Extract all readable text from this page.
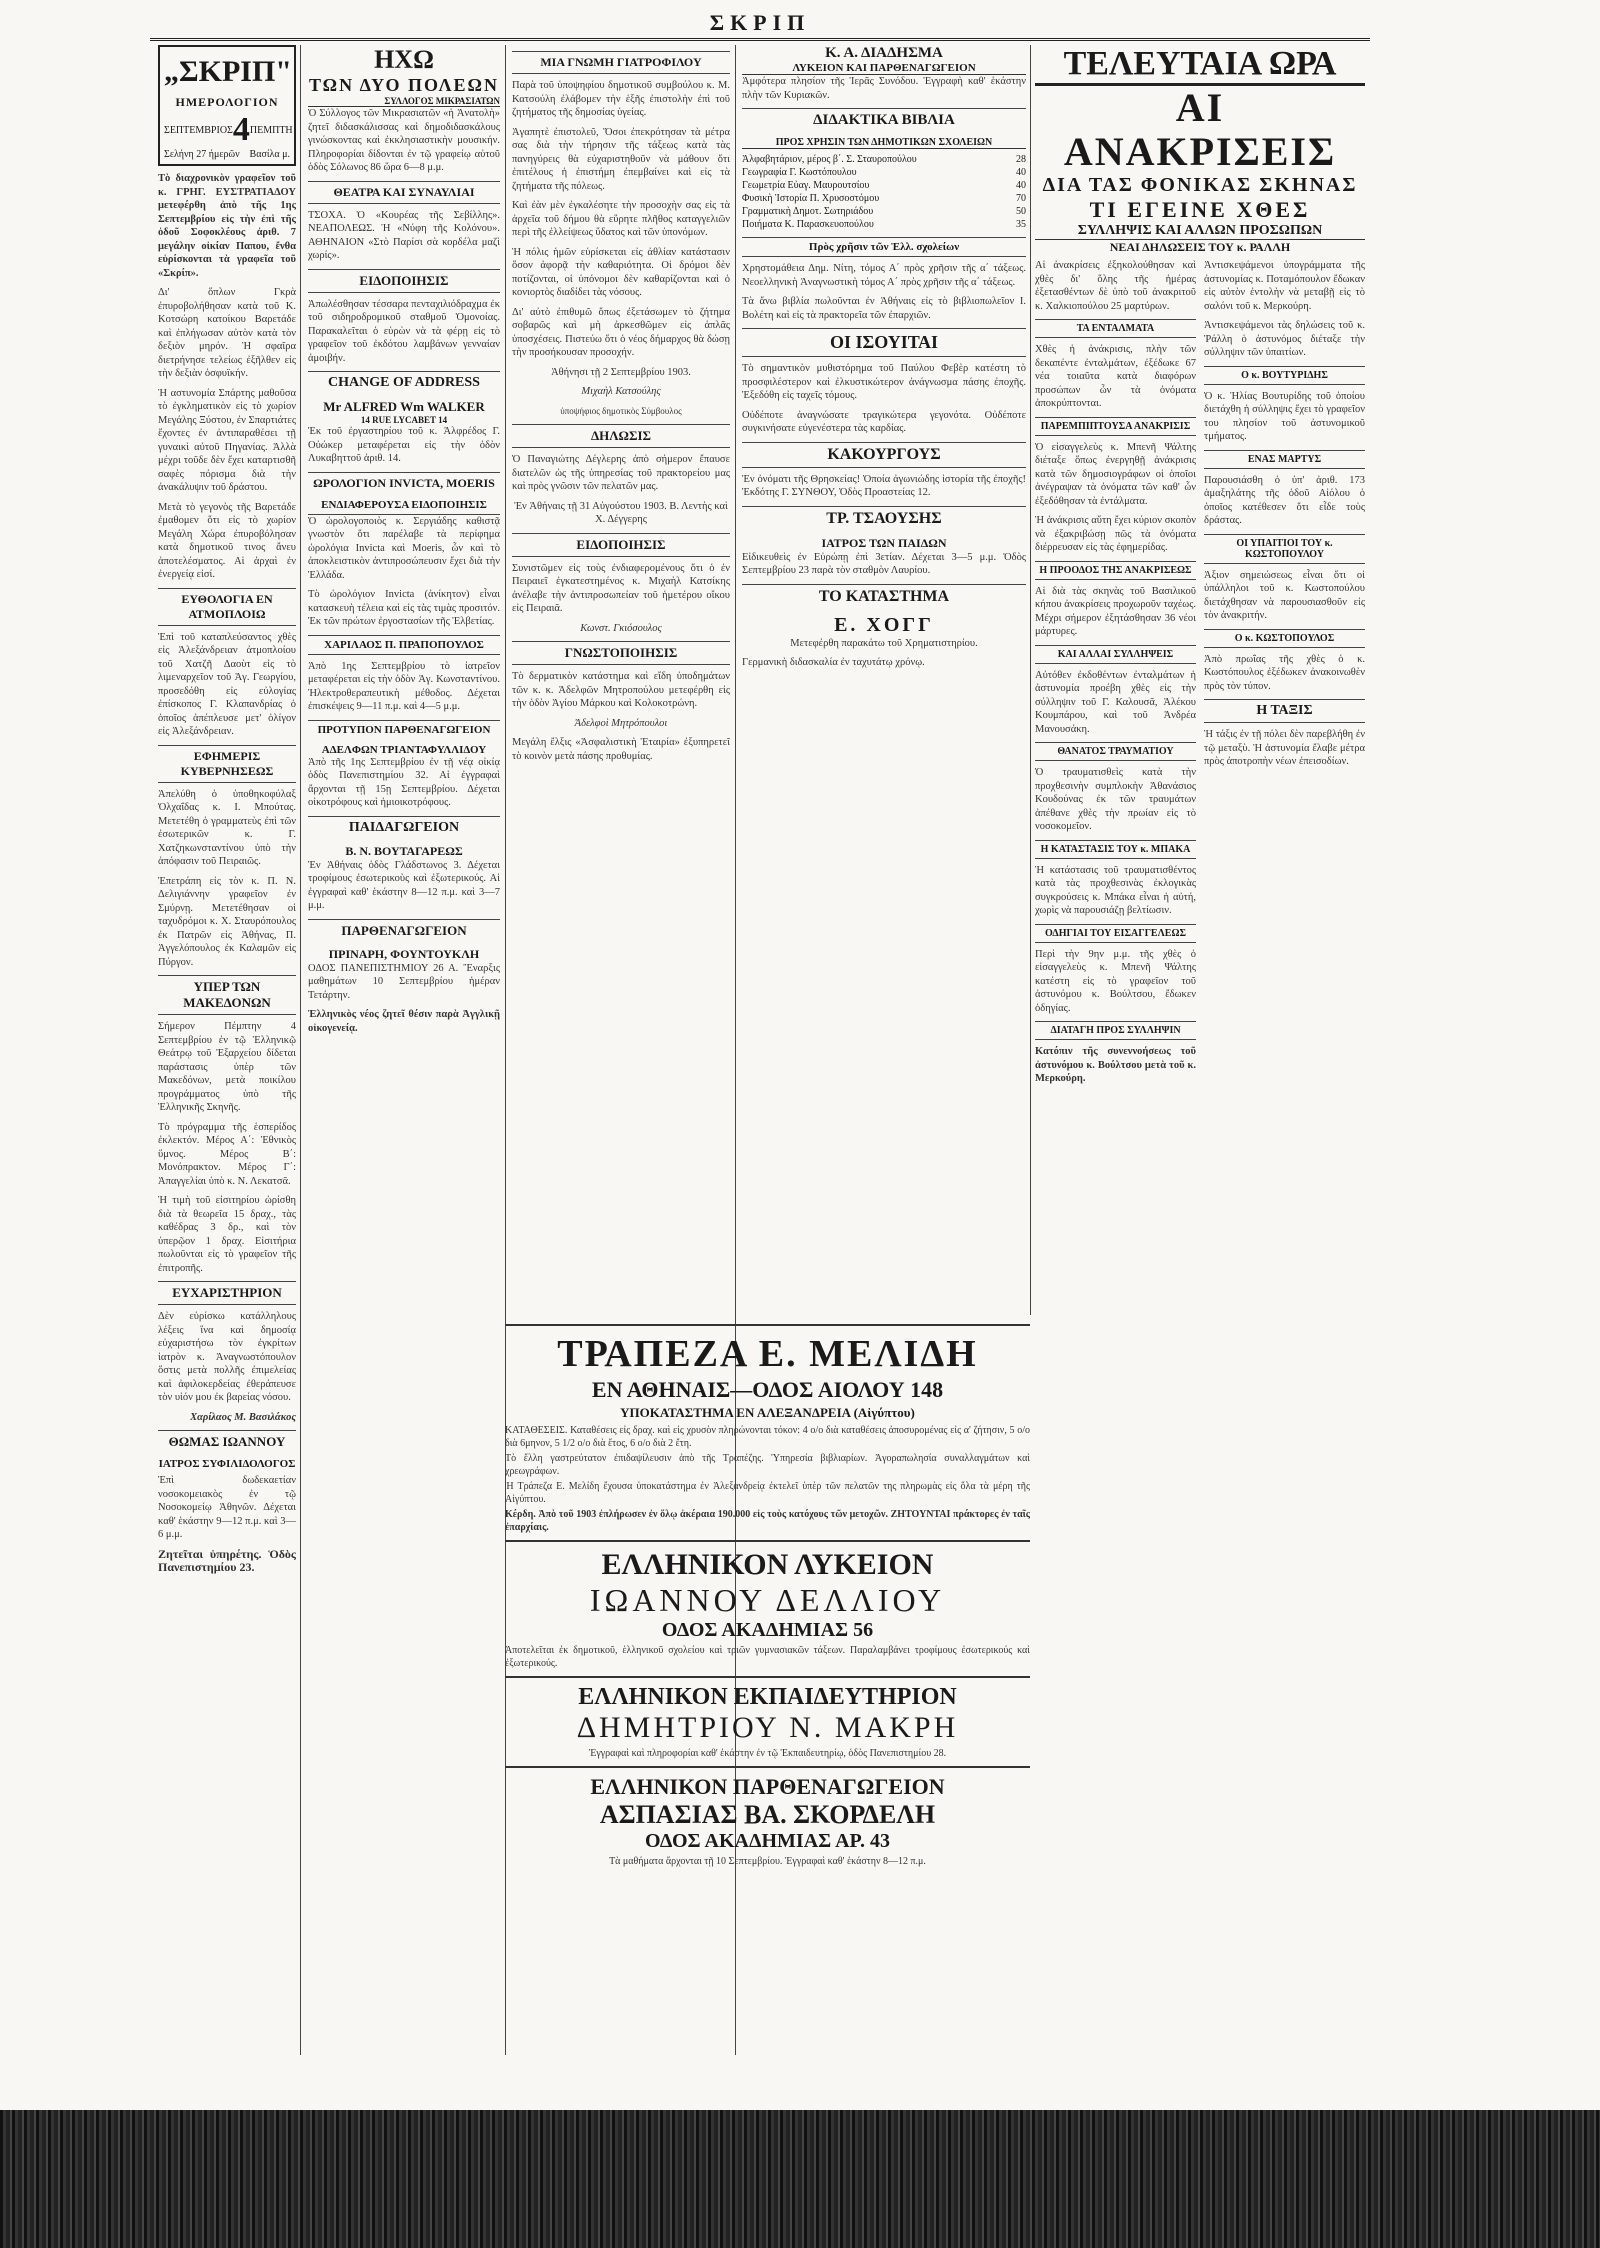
ΣΚΡΙΠ
„ΣΚΡΙΠ"
ΗΜΕΡΟΛΟΓΙΟΝ
ΣΕΠΤΕΜΒΡΙΟΣ 4 ΠΕΜΠΤΗ
Σελήνη 27 ήμερῶν Βασίλα μ.

Τὸ διαχρονικὸν γραφεῖον τοῦ κ. ΓΡΗΓ. ΕΥΣΤΡΑΤΙΑΔΟΥ μετεφέρθη ἀπὸ τῆς 1ης Σεπτεμβρίου εἰς τὴν ἐπὶ τῆς ὁδοῦ Σοφοκλέους ἀριθ. 7 μεγάλην οἰκίαν Παπου, ἔνθα εὑρίσκονται τὰ γραφεῖα τοῦ «Σκρίπ».

Δι' ὅπλων Γκρὰ ἐπυροβολήθησαν κατὰ τοῦ Κ. Κοτσώρη κατοίκου Βαρετάδε καὶ ἐπλήγωσαν αὐτὸν κατὰ τὸν δεξιὸν μηρόν. Ἡ σφαῖρα διετρήνησε τελείως ἐξῆλθεν εἰς τὴν δεξιὰν ὀσφυϊκήν.

Ἡ αστυνομία Σπάρτης μαθοῦσα τὸ ἐγκληματικὸν εἰς τὸ χωρίον Μεγάλης Ξύστου, ἐν Σπαρτιάτες ἔχοντες ἐν ἀντιπαραθέσει τῇ γυναικὶ αὐτοῦ Πηγανίας. Ἀλλὰ μέχρι τοῦδε δὲν ἔχει καταρτισθῆ σαφὲς πόρισμα διὰ τὴν ἀνακάλυψιν τοῦ δράστου.

Μετὰ τὸ γεγονὸς τῆς Βαρετάδε ἐμαθομεν ὅτι εἰς τὸ χωρίον Μεγάλη Χώρα ἐπυροβόλησαν κατὰ δημοτικοῦ τινος ἄνευ ἀποτελέσματος. Αἱ ἀρχαὶ ἐν ἐνεργείᾳ εἰσί.

ΕΥΘΟΛΟΓΙΑ ΕΝ ΑΤΜΟΠΛΟΙΩ

Ἐπὶ τοῦ καταπλεύσαντος χθὲς εἰς Ἀλεξάνδρειαν ἀτμοπλοίου τοῦ Χατζῆ Δαοὺτ εἰς τὸ λιμεναρχεῖον τοῦ Ἁγ. Γεωργίου, προσεδόθη εἰς εὐλογίας ἐπίσκοπος Γ. Κλαπανδρίας ὁ ὁποῖος ἀπέπλευσε μετ' ὀλίγον εἰς Ἀλεξάνδρειαν.

ΕΦΗΜΕΡΙΣ ΚΥΒΕΡΝΗΣΕΩΣ

Ἀπελύθη ὁ ὑποθηκοφύλαξ Ὀλχαΐδας κ. Ι. Μπούτας. Μετετέθη ὁ γραμματεὺς ἐπὶ τῶν ἐσωτερικῶν κ. Γ. Χατζηκωνσταντίνου ὑπὸ τὴν ἀπόφασιν τοῦ Πειραιῶς.

Ἐπετράπη εἰς τὸν κ. Π. Ν. Δελιγιάννην γραφεῖον ἐν Σμύρνῃ. Μετετέθησαν οἱ ταχυδρόμοι κ. Χ. Σταυρόπουλος ἐκ Πατρῶν εἰς Ἀθήνας, Π. Ἀγγελόπουλος ἐκ Καλαμῶν εἰς Πύργον.

ΥΠΕΡ ΤΩΝ ΜΑΚΕΔΟΝΩΝ

Σήμερον Πέμπτην 4 Σεπτεμβρίου ἐν τῷ Ἑλληνικῷ Θεάτρῳ τοῦ Ἐξαρχείου δίδεται παράστασις ὑπὲρ τῶν Μακεδόνων, μετὰ ποικίλου προγράμματος ὑπὸ τῆς Ἑλληνικῆς Σκηνῆς.

Τὸ πρόγραμμα τῆς ἑσπερίδος ἐκλεκτόν. Μέρος Α΄: Ἐθνικὸς ὕμνος. Μέρος Β΄: Μονόπρακτον. Μέρος Γ΄: Ἀπαγγελίαι ὑπὸ κ. Ν. Λεκατσᾶ.

Ἡ τιμὴ τοῦ εἰσιτηρίου ὡρίσθη διὰ τὰ θεωρεῖα 15 δραχ., τὰς καθέδρας 3 δρ., καὶ τὸν ὑπερῷον 1 δραχ. Εἰσιτήρια πωλοῦνται εἰς τὸ γραφεῖον τῆς ἐπιτροπῆς.

ΕΥΧΑΡΙΣΤΗΡΙΟΝ

Δὲν εὑρίσκω κατάλληλους λέξεις ἵνα καὶ δημοσίᾳ εὐχαριστήσω τὸν ἐγκρίτων ἰατρὸν κ. Ἀναγνωστόπουλον ὅστις μετὰ πολλῆς ἐπιμελείας καὶ ἀφιλοκερδείας ἐθεράπευσε τὸν υἱόν μου ἐκ βαρείας νόσου.

Χαρίλαος Μ. Βασιλάκος

ΘΩΜΑΣ ΙΩΑΝΝΟΥ
ΙΑΤΡΟΣ ΣΥΦΙΛΙΔΟΛΟΓΟΣ

Ἐπὶ δωδεκαετίαν νοσοκομειακὸς ἐν τῷ Νοσοκομείῳ Ἀθηνῶν. Δέχεται καθ' ἑκάστην 9—12 π.μ. καὶ 3—6 μ.μ.

Ζητεῖται ὑπηρέτης. Ὁδὸς Πανεπιστημίου 23.

ΗΧΩ
ΤΩΝ ΔΥΟ ΠΟΛΕΩΝ
ΣΥΛΛΟΓΟΣ ΜΙΚΡΑΣΙΑΤΩΝ

Ὁ Σύλλογος τῶν Μικρασιατῶν «ἡ Ἀνατολὴ» ζητεῖ διδασκάλισσας καὶ δημοδιδασκάλους γινώσκοντας καὶ ἐκκλησιαστικὴν μουσικήν. Πληροφορίαι δίδονται ἐν τῷ γραφείῳ αὐτοῦ ὁδὸς Σόλωνος 86 ὥρα 6—8 μ.μ.

ΘΕΑΤΡΑ ΚΑΙ ΣΥΝΑΥΛΙΑΙ

ΤΣΟΧΑ. Ὁ «Κουρέας τῆς Σεβίλλης». ΝΕΑΠΟΛΕΩΣ. Ἡ «Νύφη τῆς Κολόνου». ΑΘΗΝΑΙΟΝ «Στὸ Παρίσι σὰ κορδέλα μαζὶ χωρίς».

ΕΙΔΟΠΟΙΗΣΙΣ

Ἀπωλέσθησαν τέσσαρα πενταχιλιόδραχμα ἐκ τοῦ σιδηροδρομικοῦ σταθμοῦ Ὁμονοίας. Παρακαλεῖται ὁ εὑρὼν νὰ τὰ φέρῃ εἰς τὸ γραφεῖον τοῦ ἐκδότου λαμβάνων γενναίαν ἀμοιβήν.

CHANGE OF ADDRESS
Mr ALFRED Wm WALKER
14 RUE LYCABET 14

Ἐκ τοῦ ἐργαστηρίου τοῦ κ. Ἀλφρέδος Γ. Οὐώκερ μεταφέρεται εἰς τὴν ὁδὸν Λυκαβηττοῦ ἀριθ. 14.

ΩΡΟΛΟΓΙΟΝ INVICTA, MOERIS
ΕΝΔΙΑΦΕΡΟΥΣΑ ΕΙΔΟΠΟΙΗΣΙΣ

Ὁ ὡρολογοποιὸς κ. Σεργιάδης καθιστᾷ γνωστὸν ὅτι παρέλαβε τὰ περίφημα ὡρολόγια Invicta καὶ Moeris, ὧν καὶ τὸ ἀποκλειστικὸν ἀντιπροσώπευσιν ἔχει διὰ τὴν Ἑλλάδα.

Τὸ ὡρολόγιον Invicta (ἀνίκητον) εἶναι κατασκευὴ τέλεια καὶ εἰς τὰς τιμὰς προσιτόν. Ἐκ τῶν πρώτων ἐργοστασίων τῆς Ἑλβετίας.

ΧΑΡΙΛΑΟΣ Π. ΠΡΑΠΟΠΟΥΛΟΣ

Ἀπὸ 1ης Σεπτεμβρίου τὸ ἰατρεῖον μεταφέρεται εἰς τὴν ὁδὸν Ἀγ. Κωνσταντίνου. Ἠλεκτροθεραπευτικὴ μέθοδος. Δέχεται ἐπισκέψεις 9—11 π.μ. καὶ 4—5 μ.μ.

ΠΡΟΤΥΠΟΝ ΠΑΡΘΕΝΑΓΩΓΕΙΟΝ
ΑΔΕΛΦΩΝ ΤΡΙΑΝΤΑΦΥΛΛΙΔΟΥ

Ἀπὸ τῆς 1ης Σεπτεμβρίου ἐν τῇ νέᾳ οἰκίᾳ ὁδὸς Πανεπιστημίου 32. Αἱ ἐγγραφαὶ ἄρχονται τῇ 15ῃ Σεπτεμβρίου. Δέχεται οἰκοτρόφους καὶ ἡμιοικοτρόφους.

ΠΑΙΔΑΓΩΓΕΙΟΝ
Β. Ν. ΒΟΥΤΑΓΑΡΕΩΣ

Ἐν Ἀθήναις ὁδὸς Γλάδστωνος 3. Δέχεται τροφίμους ἐσωτερικοὺς καὶ ἐξωτερικούς. Αἱ ἐγγραφαὶ καθ' ἑκάστην 8—12 π.μ. καὶ 3—7 μ.μ.

ΠΑΡΘΕΝΑΓΩΓΕΙΟΝ
ΠΡΙΝΑΡΗ, ΦΟΥΝΤΟΥΚΛΗ

ΟΔΟΣ ΠΑΝΕΠΙΣΤΗΜΙΟΥ 26 Α. Ἔναρξις μαθημάτων 10 Σεπτεμβρίου ἡμέραν Τετάρτην.

Ἑλληνικὸς νέος ζητεῖ θέσιν παρὰ Ἀγγλικῇ οἰκογενείᾳ.

ΜΙΑ ΓΝΩΜΗ ΓΙΑΤΡΟΦΙΛΟΥ

Παρὰ τοῦ ὑποψηφίου δημοτικοῦ συμβούλου κ. Μ. Κατσούλη ἐλάβομεν τὴν ἑξῆς ἐπιστολὴν ἐπὶ τοῦ ζητήματος τῆς δημοσίας ὑγείας.

Ἀγαπητὲ ἐπιστολεῦ, Ὅσοι ἐπεκρότησαν τὰ μέτρα σας διὰ τὴν τήρησιν τῆς τάξεως κατὰ τὰς πανηγύρεις θὰ εὐχαριστηθοῦν νὰ μάθουν ὅτι ἐπιτέλους ἡ ἐπιστήμη ἐπεμβαίνει καὶ εἰς τὰ ζητήματα τῆς πόλεως.

Καὶ ἐὰν μὲν ἐγκαλέσητε τὴν προσοχὴν σας εἰς τὰ ἀρχεῖα τοῦ δήμου θὰ εὕρητε πλῆθος καταγγελιῶν περὶ τῆς ἐλλείψεως ὕδατος καὶ τῶν ὑπονόμων.

Ἡ πόλις ἡμῶν εὑρίσκεται εἰς ἀθλίαν κατάστασιν ὅσον ἀφορᾷ τὴν καθαριότητα. Οἱ δρόμοι δὲν ποτίζονται, οἱ ὑπόνομοι δὲν καθαρίζονται καὶ ὁ κονιορτὸς διαδίδει τὰς νόσους.

Δι' αὐτὸ ἐπιθυμῶ ὅπως ἐξετάσωμεν τὸ ζήτημα σοβαρῶς καὶ μὴ ἀρκεσθῶμεν εἰς ἁπλᾶς ὑποσχέσεις. Πιστεύω ὅτι ὁ νέος δήμαρχος θὰ δώσῃ τὴν προσήκουσαν προσοχήν.

Ἀθήνησι τῇ 2 Σεπτεμβρίου 1903.

Μιχαὴλ Κατσούλης

ὑποψήφιος δημοτικὸς Σύμβουλος

ΔΗΛΩΣΙΣ

Ὁ Παναγιώτης Δέγλερης ἀπὸ σήμερον ἔπαυσε διατελῶν ὡς τῆς ὑπηρεσίας τοῦ πρακτορείου μας καὶ πρὸς γνῶσιν τῶν πελατῶν μας.

Ἐν Ἀθήναις τῇ 31 Αὐγούστου 1903. Β. Λεντὴς καὶ Χ. Δέγγερης

ΕΙΔΟΠΟΙΗΣΙΣ

Συνιστῶμεν εἰς τοὺς ἐνδιαφερομένους ὅτι ὁ ἐν Πειραιεῖ ἐγκατεστημένος κ. Μιχαὴλ Κατσίκης ἀνέλαβε τὴν ἀντιπροσωπείαν τοῦ ἡμετέρου οἴκου εἰς Πειραιᾶ.

Κωνστ. Γκιόσουλος

ΓΝΩΣΤΟΠΟΙΗΣΙΣ

Τὸ δερματικὸν κατάστημα καὶ εἴδη ὑποδημάτων τῶν κ. κ. Ἀδελφῶν Μητροπούλου μετεφέρθη εἰς τὴν ὁδὸν Ἁγίου Μάρκου καὶ Κολοκοτρώνη.

Ἀδελφοὶ Μητρόπουλοι

Μεγάλη ἔλξις «Ἀσφαλιστικὴ Ἑταιρία» ἐξυπηρετεῖ τὸ κοινὸν μετὰ πάσης προθυμίας.

Κ. Α. ΔΙΑΔΗΣΜΑ
ΛΥΚΕΙΟΝ ΚΑΙ ΠΑΡΘΕΝΑΓΩΓΕΙΟΝ

Ἀμφότερα πλησίον τῆς Ἱερᾶς Συνόδου. Ἐγγραφὴ καθ' ἑκάστην πλὴν τῶν Κυριακῶν.

ΔΙΔΑΚΤΙΚΑ ΒΙΒΛΙΑ
ΠΡΟΣ ΧΡΗΣΙΝ ΤΩΝ ΔΗΜΟΤΙΚΩΝ ΣΧΟΛΕΙΩΝ
Ἀλφαβητάριον, μέρος β΄. Σ. Σταυροπούλου	28
Γεωγραφία Γ. Κωστόπουλου	40
Γεωμετρία Εὐαγ. Μαυρουτσίου	40
Φυσικὴ Ἱστορία Π. Χρυσοστόμου	70
Γραμματικὴ Δημοτ. Σωτηριάδου	50
Ποιήματα Κ. Παρασκευοπούλου	35
Πρὸς χρῆσιν τῶν Ἑλλ. σχολείων

Χρηστομάθεια Δημ. Νίτη, τόμος Α΄ πρὸς χρῆσιν τῆς α΄ τάξεως. Νεοελληνικὴ Ἀναγνωστικὴ τόμος Α΄ πρὸς χρῆσιν τῆς α΄ τάξεως.

Τὰ ἄνω βιβλία πωλοῦνται ἐν Ἀθήναις εἰς τὸ βιβλιοπωλεῖον Ι. Βολέτη καὶ εἰς τὰ πρακτορεῖα τῶν ἐπαρχιῶν.

ΟΙ ΙΣΟΥΙΤΑΙ

Τὸ σημαντικὸν μυθιστόρημα τοῦ Παύλου Φεβὲρ κατέστη τὸ προσφιλέστερον καὶ ἐλκυστικώτερον ἀνάγνωσμα πάσης ἐποχῆς. Ἐξεδόθη εἰς ταχεῖς τόμους.

Οὐδέποτε ἀναγνώσατε τραγικώτερα γεγονότα. Οὐδέποτε συγκινήσατε εὐγενέστερα τὰς καρδίας.

ΚΑΚΟΥΡΓΟΥΣ

Ἐν ὀνόματι τῆς Θρησκείας! Ὁποία ἀγωνιώδης ἱστορία τῆς ἐποχῆς! Ἐκδότης Γ. ΣΥΝΘΟΥ, Ὁδὸς Προαστείας 12.

ΤΡ. ΤΣΑΟΥΣΗΣ
ΙΑΤΡΟΣ ΤΩΝ ΠΑΙΔΩΝ

Εἰδικευθεὶς ἐν Εὐρώπῃ ἐπὶ 3ετίαν. Δέχεται 3—5 μ.μ. Ὁδὸς Σεπτεμβρίου 23 παρὰ τὸν σταθμὸν Λαυρίου.

ΤΟ ΚΑΤΑΣΤΗΜΑ
Ε. ΧΟΓΓ

Μετεφέρθη παρακάτω τοῦ Χρηματιστηρίου.

Γερμανικὴ διδασκαλία ἐν ταχυτάτῳ χρόνῳ.

ΤΕΛΕΥΤΑΙΑ ΩΡΑ
ΑΙ ΑΝΑΚΡΙΣΕΙΣ
ΔΙΑ ΤΑΣ ΦΟΝΙΚΑΣ ΣΚΗΝΑΣ
ΤΙ ΕΓΕΙΝΕ ΧΘΕΣ
ΣΥΛΛΗΨΙΣ ΚΑΙ ΑΛΛΩΝ ΠΡΟΣΩΠΩΝ
ΝΕΑΙ ΔΗΛΩΣΕΙΣ ΤΟΥ κ. ΡΑΛΛΗ

Αἱ ἀνακρίσεις ἐξηκολούθησαν καὶ χθὲς δι' ὅλης τῆς ἡμέρας ἐξετασθέντων δὲ ὑπὸ τοῦ ἀνακριτοῦ κ. Χαλκιοπούλου 25 μαρτύρων.

ΤΑ ΕΝΤΑΛΜΑΤΑ

Χθὲς ἡ ἀνάκρισις, πλὴν τῶν δεκαπέντε ἐνταλμάτων, ἐξέδωκε 67 νέα τοιαῦτα κατὰ διαφόρων προσώπων ὧν τὰ ὀνόματα ἀποκρύπτονται.

ΠΑΡΕΜΠΙΠΤΟΥΣΑ ΑΝΑΚΡΙΣΙΣ

Ὁ εἰσαγγελεὺς κ. Μπενῆ Ψάλτης διέταξε ὅπως ἐνεργηθῇ ἀνάκρισις κατὰ τῶν δημοσιογράφων οἱ ὁποῖοι ἀνέγραψαν τὰ ὀνόματα τῶν καθ' ὧν ἐξεδόθησαν τὰ ἐντάλματα.

Ἡ ἀνάκρισις αὕτη ἔχει κύριον σκοπὸν νὰ ἐξακριβώσῃ πῶς τὰ ὀνόματα διέρρευσαν εἰς τὰς ἐφημερίδας.

Η ΠΡΟΟΔΟΣ ΤΗΣ ΑΝΑΚΡΙΣΕΩΣ

Αἱ διὰ τὰς σκηνὰς τοῦ Βασιλικοῦ κήπου ἀνακρίσεις προχωροῦν ταχέως. Μέχρι σήμερον ἐξητάσθησαν 36 νέοι μάρτυρες.

ΚΑΙ ΑΛΛΑΙ ΣΥΛΛΗΨΕΙΣ

Αὐτόθεν ἐκδοθέντων ἐνταλμάτων ἡ ἀστυνομία προέβη χθὲς εἰς τὴν σύλληψιν τοῦ Γ. Καλουσᾶ, Ἀλέκου Κουμπάρου, καὶ τοῦ Ἀνδρέα Μανουσάκη.

ΘΑΝΑΤΟΣ ΤΡΑΥΜΑΤΙΟΥ

Ὁ τραυματισθεὶς κατὰ τὴν προχθεσινὴν συμπλοκὴν Ἀθανάσιος Κουδούνας ἐκ τῶν τραυμάτων ἀπέθανε χθὲς τὴν πρωίαν εἰς τὸ νοσοκομεῖον.

Η ΚΑΤΑΣΤΑΣΙΣ ΤΟΥ κ. ΜΠΑΚΑ

Ἡ κατάστασις τοῦ τραυματισθέντος κατὰ τὰς προχθεσινὰς ἐκλογικὰς συγκρούσεις κ. Μπάκα εἶναι ἡ αὐτή, χωρὶς νὰ παρουσιάζῃ βελτίωσιν.

ΟΔΗΓΙΑΙ ΤΟΥ ΕΙΣΑΓΓΕΛΕΩΣ

Περὶ τὴν 9ην μ.μ. τῆς χθὲς ὁ εἰσαγγελεὺς κ. Μπενῆ Ψάλτης κατέστη εἰς τὸ γραφεῖον τοῦ ἀστυνόμου κ. Βούλτσου, ἔδωκεν ὁδηγίας.

ΔΙΑΤΑΓΗ ΠΡΟΣ ΣΥΛΛΗΨΙΝ

Κατόπιν τῆς συνεννοήσεως τοῦ ἀστυνόμου κ. Βούλτσου μετὰ τοῦ κ. Μερκούρη.

Ἀντισκεψάμενοι ὑπογράμματα τῆς ἀστυνομίας κ. Ποταμόπουλον ἔδωκαν εἰς αὐτὸν ἐντολὴν νὰ μεταβῇ εἰς τὸ σαλόνι τοῦ κ. Μερκούρη.

Ἀντισκεψάμενοι τὰς δηλώσεις τοῦ κ. Ῥάλλη ὁ ἀστυνόμος διέταξε τὴν σύλληψιν τῶν ὑπαιτίων.

Ο κ. ΒΟΥΤΥΡΙΔΗΣ

Ὁ κ. Ἠλίας Βουτυρίδης τοῦ ὁποίου διετάχθη ἡ σύλληψις ἔχει τὸ γραφεῖον του πλησίον τοῦ ἀστυνομικοῦ τμήματος.

ΕΝΑΣ ΜΑΡΤΥΣ

Παρουσιάσθη ὁ ὑπ' ἀριθ. 173 ἁμαξηλάτης τῆς ὁδοῦ Αἰόλου ὁ ὁποῖος κατέθεσεν ὅτι εἶδε τοὺς δράστας.

ΟΙ ΥΠΑΙΤΙΟΙ ΤΟΥ κ. ΚΩΣΤΟΠΟΥΛΟΥ

Ἀξιον σημειώσεως εἶναι ὅτι οἱ ὑπάλληλοι τοῦ κ. Κωστοπούλου διετάχθησαν νὰ παρουσιασθοῦν εἰς τὸν ἀνακριτήν.

Ο κ. ΚΩΣΤΟΠΟΥΛΟΣ

Ἀπὸ πρωΐας τῆς χθὲς ὁ κ. Κωστόπουλος ἐξέδωκεν ἀνακοινωθὲν πρὸς τὸν τύπον.

Η ΤΑΞΙΣ

Ἡ τάξις ἐν τῇ πόλει δὲν παρεβλήθη ἐν τῷ μεταξὺ. Ἡ ἀστυνομία ἔλαβε μέτρα πρὸς ἀποτροπὴν νέων ἐπεισοδίων.

ΤΡΑΠΕΖΑ Ε. ΜΕΛΙΔΗ
ΕΝ ΑΘΗΝΑΙΣ—ΟΔΟΣ ΑΙΟΛΟΥ 148
ΥΠΟΚΑΤΑΣΤΗΜΑ ΕΝ ΑΛΕΞΑΝΔΡΕΙΑ (Αἰγύπτου)

ΚΑΤΑΘΕΣΕΙΣ. Καταθέσεις εἰς δραχ. καὶ εἰς χρυσὸν πληρώνονται τόκον: 4 ο/ο διὰ καταθέσεις ἀποσυρομένας εἰς α' ζήτησιν, 5 ο/ο διὰ 6μηνον, 5 1/2 ο/ο διὰ ἔτος, 6 ο/ο διὰ 2 ἔτη.

Τὸ ἔλλη γαστρεύτατον ἐπιδαψίλευσιν ἀπὸ τῆς Τραπέζης. Ὑπηρεσία βιβλιαρίων. Ἀγοραπωλησία συναλλαγμάτων καὶ χρεωγράφων.

Ἡ Τράπεζα Ε. Μελίδη ἔχουσα ὑποκατάστημα ἐν Ἀλεξανδρείᾳ ἐκτελεῖ ὑπὲρ τῶν πελατῶν της πληρωμὰς εἰς ὅλα τὰ μέρη τῆς Αἰγύπτου.

Κέρδη. Ἀπὸ τοῦ 1903 ἐπλήρωσεν ἐν ὅλῳ ἀκέραια 190.000 εἰς τοὺς κατόχους τῶν μετοχῶν. ΖΗΤΟΥΝΤΑΙ πράκτορες ἐν ταῖς ἐπαρχίαις.

ΕΛΛΗΝΙΚΟΝ ΛΥΚΕΙΟΝ
ΙΩΑΝΝΟΥ ΔΕΛΛΙΟΥ
ΟΔΟΣ ΑΚΑΔΗΜΙΑΣ 56

Ἀποτελεῖται ἐκ δημοτικοῦ, ἑλληνικοῦ σχολείου καὶ τριῶν γυμνασιακῶν τάξεων. Παραλαμβάνει τροφίμους ἐσωτερικούς καὶ ἐξωτερικούς.

ΕΛΛΗΝΙΚΟΝ ΕΚΠΑΙΔΕΥΤΗΡΙΟΝ
ΔΗΜΗΤΡΙΟΥ Ν. ΜΑΚΡΗ

Ἐγγραφαὶ καὶ πληροφορίαι καθ' ἑκάστην ἐν τῷ Ἐκπαιδευτηρίῳ, ὁδὸς Πανεπιστημίου 28.

ΕΛΛΗΝΙΚΟΝ ΠΑΡΘΕΝΑΓΩΓΕΙΟΝ
ΑΣΠΑΣΙΑΣ ΒΑ. ΣΚΟΡΔΕΛΗ
ΟΔΟΣ ΑΚΑΔΗΜΙΑΣ ΑΡ. 43

Τὰ μαθήματα ἄρχονται τῇ 10 Σεπτεμβρίου. Ἐγγραφαὶ καθ' ἑκάστην 8—12 π.μ.
